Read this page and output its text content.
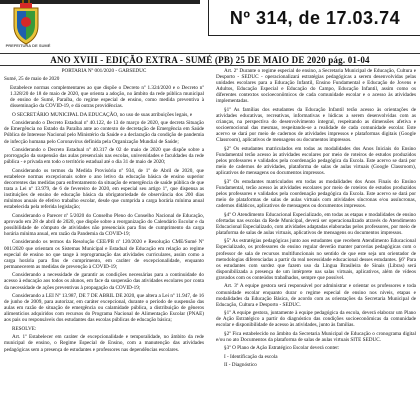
PREFEITURA DE SUMÉ
Nº 314, de 17.03.74
ANO XVIII - EDIÇÃO EXTRA - SUMÉ (PB) 25 DE MAIO DE 2020 pág. 01-04

PORTARIA Nº 001/2020 - GABSEDUC

Sumé, 25 de maio de 2020

Estabelece normas complementares ao que dispõe o Decreto nº 1.324/2020 e o Decreto nº 1.328/20 de 18 de maio de 2020, que orienta a adoção, no âmbito da rede pública municipal de ensino de Sumé, Paraíba, do regime especial de ensino, como medida preventiva à disseminação da COVID-19, e dá outras providências.

O SECRETÁRIO MUNICIPAL DA EDUCAÇÃO, no uso de suas atribuições legais, e

Considerando o Decreto Estadual nº 40.122, de 13 de março de 2020, que decreta Situação de Emergência no Estado da Paraíba ante ao contexto de decretação de Emergência em Saúde Pública de Interesse Nacional pelo Ministério da Saúde e a declaração da condição de pandemia de infecção humana pelo Coronavírus definida pela Organização Mundial de Saúde;

Considerando o Decreto Estadual nº 40.317 de 02 de maio de 2020 que dispõe sobre a prorrogação da suspensão das aulas presenciais nas escolas, universidades e faculdades da rede pública - e privada em todo o território estadual até o dia 31 de maio de 2020;

Considerando os termos da Medida Provisória nº 934, de 1º de Abril de 2020, que estabelece normas excepcionais sobre o ano letivo da educação básica de ensino superior decorrentes das medidas para enfrentamento da situação de emergência de saúde pública de que trata a Lei nº 13.979, de 6 de fevereiro de 2020, em especial seu artigo 1º, que dispensa as instituições de ensino de educação básica da obrigatoriedade de observância dos 200 dias mínimos anuais de efetivo trabalho escolar, desde que cumprida a carga horária mínima anual estabelecida pela referida legislação;

Considerando o Parecer nº 5/2020 do Conselho Pleno do Conselho Nacional de Educação, aprovado em 28 de abril de 2020, que dispõe sobre a reorganização do Calendário Escolar e da possibilidade de cômputo de atividades não presenciais para fins de cumprimento da carga horária mínima anual, em razão da Pandemia da COVID-19;

Considerando os termos da Resolução CEE/PB nº 120/2020 e Resolução CME/Sumé Nº 001/2020 que orientam os Sistemas Municipal e Estadual de Educação em relação ao regime especial de ensino no que tange à reprogramação das atividades curriculares, assim como a carga horária para fins de cumprimento, em caráter de excepcionalidade, enquanto permanecerem as medidas de prevenção à COVID-19;

Considerando a necessidade de garantir as condições necessárias para a continuidade do acesso à educação aos todos os alunos, em face da suspensão das atividades escolares por conta da necessidade de ações preventivas à propagação da COVID-19;

Considerando a LEI Nº 13.987, DE 7 DE ABRIL DE 2020, que altera a Lei nº 11.947, de 16 de junho de 2009, para autorizar, em caráter excepcional, durante o período de suspensão das aulas em razão de situação de emergência ou calamidade pública, a distribuição de gêneros alimentícios adquiridos com recursos do Programa Nacional de Alimentação Escolar (PNAE) aos pais ou responsáveis dos estudantes das escolas públicas de educação básica;

RESOLVE:

Art. 1º Estabelecer em caráter de excepcionalidade e temporalidade, no âmbito da rede municipal de ensino, o Regime Especial de Ensino, com a manutenção das atividades pedagógicas sem a presença de estudantes e professores nas dependências escolares.

Art. 2º Durante o regime especial de ensino, a Secretaria Municipal de Educação, Cultura e Desporto - SEDUC - operacionalizará estratégias pedagógicas a serem desenvolvidas pelas unidades escolares para a Educação Infantil, Ensino Fundamental e Educação de Jovens e Adultos, Educação Especial e Educação do Campo, Educação Infantil, assim como os diferentes contextos socioeconômicos de cada comunidade escolar e o acesso às atividades implementadas.

§1º As famílias dos estudantes da Educação Infantil terão acesso às orientações de atividades educativas, recreativas, informativas e lúdicas a serem desenvolvidas com as crianças, na perspectiva do desenvolvimento integral, respeitando as dimensões afetiva e socioemocional das mesmas, respeitando-se a realidade de cada comunidade escolar. Este acervo se dará por meio de cadernos de atividades impressos e plataformas digitais (Google Classroom), aplicativos de mensagens ou documentos impressos.

§2º Os estudantes matriculados em todas as modalidades dos Anos Iniciais do Ensino Fundamental terão acesso às atividades escolares por meio de roteiros de estudos produzidos pelos professores e validados pela coordenação pedagógica da Escola. Este acervo se dará por meio de cadernos de atividades, plataforma de salas de aulas virtuais (Google Classroom), aplicativos de mensagens ou documentos impressos.

§3º Os estudantes matriculados em todas as modalidades dos Anos Finais do Ensino Fundamental, terão acesso às atividades escolares por meio de roteiros de estudos produzidos pelos professores e validados pela coordenação pedagógica da Escola. Este acervo se dará por meio de plataformas de salas de aulas virtuais com atividades síncronas e/ou assíncronas, cadernos didáticos, aplicativos de mensagens ou documentos impressos.

§4º O Atendimento Educacional Especializado, em todas as etapas e modalidades de ensino ofertadas nas escolas da Rede Municipal, deverá ser operacionalizado através do Atendimento Educacional Especializado, com atividades adaptadas elaboradas pelos professores, por meio de plataforma de salas de aulas virtuais, aplicativos de mensagens ou documentos impressos.

§5º As estratégias pedagógicas junto aos estudantes que recebem Atendimento Educacional Especializado, os professores do ensino regular deverão manter parcerias pedagógicas com o professor de sala de recursos multifuncionais no sentido de que este seja um orientador de metodologias diferenciadas a partir da real necessidade educacional desses estudantes. §6º Para os estudantes com surdez que fazem uso da Língua Brasileira de Sinais (Libras) será disponibilizada a presença de um intérprete nas salas virtuais, aplicativos, além de vídeos gravados com os conteúdos trabalhados, sempre que possível.

Art. 3º A equipe gestora será responsável por administrar e orientar os professores e toda comunidade escolar enquanto durar o regime especial de ensino nos níveis, etapas e modalidades da Educação Básica, de acordo com as orientações da Secretaria Municipal de Educação, Cultura e Desporto - SEDUC.

§1º A equipe gestora, juntamente à equipe pedagógica da escola, deverá elaborar um Plano de Ação Estratégico a partir do diagnóstico das condições socioeconômicas da comunidade escolar e disponibilidade de acesso às atividades, junto às famílias.

§2º Fica estabelecido no âmbito da Secretaria Municipal de Educação o cronograma digital e/ou no ato Documentos da plataforma de salas de aulas virtuais SITE SEDUC.

§3º O Plano de Ação Estratégico Escolar deverá conter:

I - Identificação da escola

II - Diagnóstico
